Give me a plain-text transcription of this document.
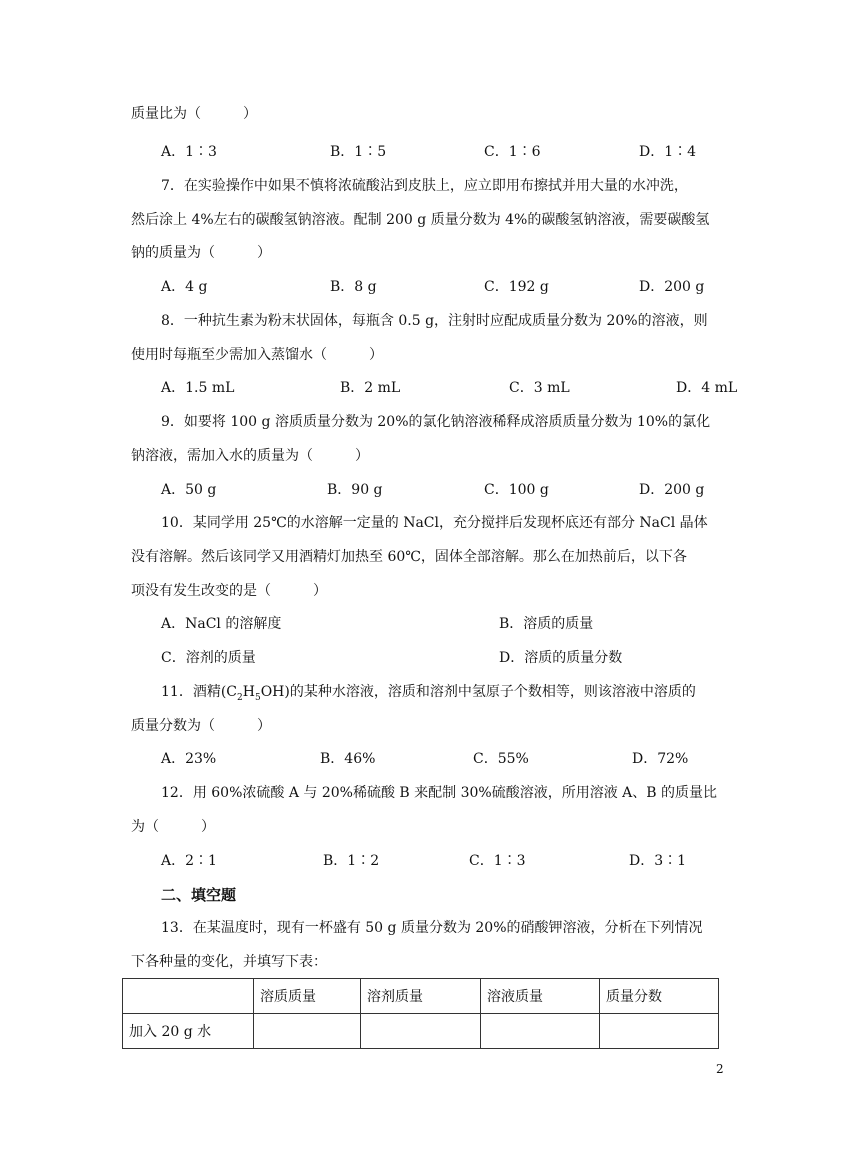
质量比为（　　　）
A．1∶3	B．1∶5	C．1∶6	D．1∶4
7．在实验操作中如果不慎将浓硫酸沾到皮肤上，应立即用布擦拭并用大量的水冲洗，
然后涂上 4%左右的碳酸氢钠溶液。配制 200 g 质量分数为 4%的碳酸氢钠溶液，需要碳酸氢
钠的质量为（　　　）
A．4 g	B．8 g	C．192 g	D．200 g
8．一种抗生素为粉末状固体，每瓶含 0.5 g，注射时应配成质量分数为 20%的溶液，则
使用时每瓶至少需加入蒸馏水（　　　）
A．1.5 mL	B．2 mL	C．3 mL	D．4 mL
9．如要将 100 g 溶质质量分数为 20%的氯化钠溶液稀释成溶质质量分数为 10%的氯化
钠溶液，需加入水的质量为（　　　）
A．50 g	B．90 g	C．100 g	D．200 g
10．某同学用 25℃的水溶解一定量的 NaCl，充分搅拌后发现杯底还有部分 NaCl 晶体
没有溶解。然后该同学又用酒精灯加热至 60℃，固体全部溶解。那么在加热前后，以下各
项没有发生改变的是（　　　）
A．NaCl 的溶解度	B．溶质的质量
C．溶剂的质量	D．溶质的质量分数
11．酒精$(C_2H_5OH)$的某种水溶液，溶质和溶剂中氢原子个数相等，则该溶液中溶质的
质量分数为（　　　）
A．23%	B．46%	C．55%	D．72%
12．用 60%浓硫酸 A 与 20%稀硫酸 B 来配制 30%硫酸溶液，所用溶液 A、B 的质量比
为（　　　）
A．2∶1	B．1∶2	C．1∶3	D．3∶1
二、填空题
13．在某温度时，现有一杯盛有 50 g 质量分数为 20%的硝酸钾溶液，分析在下列情况
下各种量的变化，并填写下表：
	溶质质量	溶剂质量	溶液质量	质量分数
加入 20 g 水				
2
